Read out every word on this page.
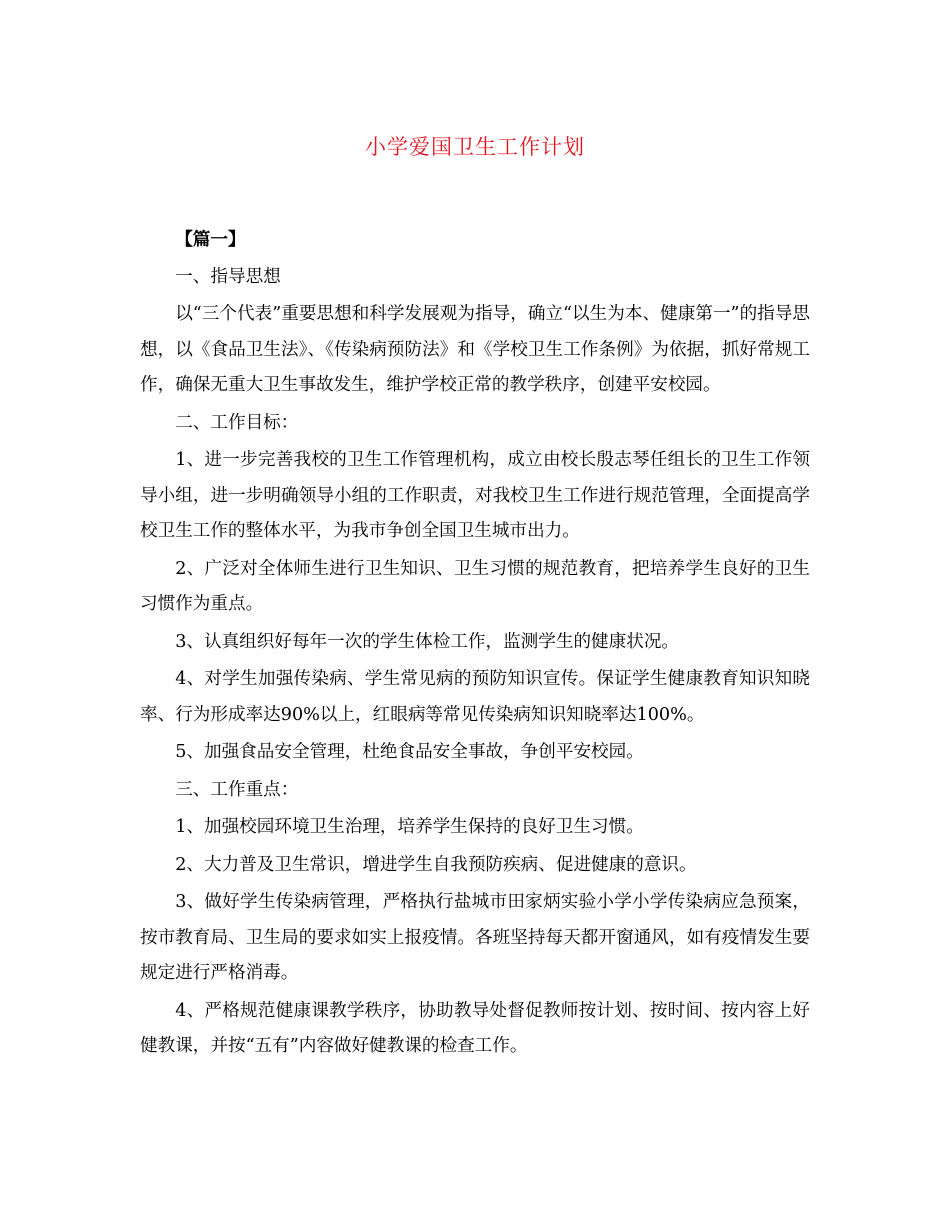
小学爱国卫生工作计划

【篇一】

一、指导思想

以“三个代表”重要思想和科学发展观为指导，确立“以生为本、健康第一”的指导思想，以《食品卫生法》、《传染病预防法》和《学校卫生工作条例》为依据，抓好常规工作，确保无重大卫生事故发生，维护学校正常的教学秩序，创建平安校园。

二、工作目标：

1、进一步完善我校的卫生工作管理机构，成立由校长殷志琴任组长的卫生工作领导小组，进一步明确领导小组的工作职责，对我校卫生工作进行规范管理，全面提高学校卫生工作的整体水平，为我市争创全国卫生城市出力。

2、广泛对全体师生进行卫生知识、卫生习惯的规范教育，把培养学生良好的卫生习惯作为重点。

3、认真组织好每年一次的学生体检工作，监测学生的健康状况。

4、对学生加强传染病、学生常见病的预防知识宣传。保证学生健康教育知识知晓率、行为形成率达90%以上，红眼病等常见传染病知识知晓率达100%。

5、加强食品安全管理，杜绝食品安全事故，争创平安校园。

三、工作重点：

1、加强校园环境卫生治理，培养学生保持的良好卫生习惯。

2、大力普及卫生常识，增进学生自我预防疾病、促进健康的意识。

3、做好学生传染病管理，严格执行盐城市田家炳实验小学小学传染病应急预案，按市教育局、卫生局的要求如实上报疫情。各班坚持每天都开窗通风，如有疫情发生要规定进行严格消毒。

4、严格规范健康课教学秩序，协助教导处督促教师按计划、按时间、按内容上好健教课，并按“五有”内容做好健教课的检查工作。
